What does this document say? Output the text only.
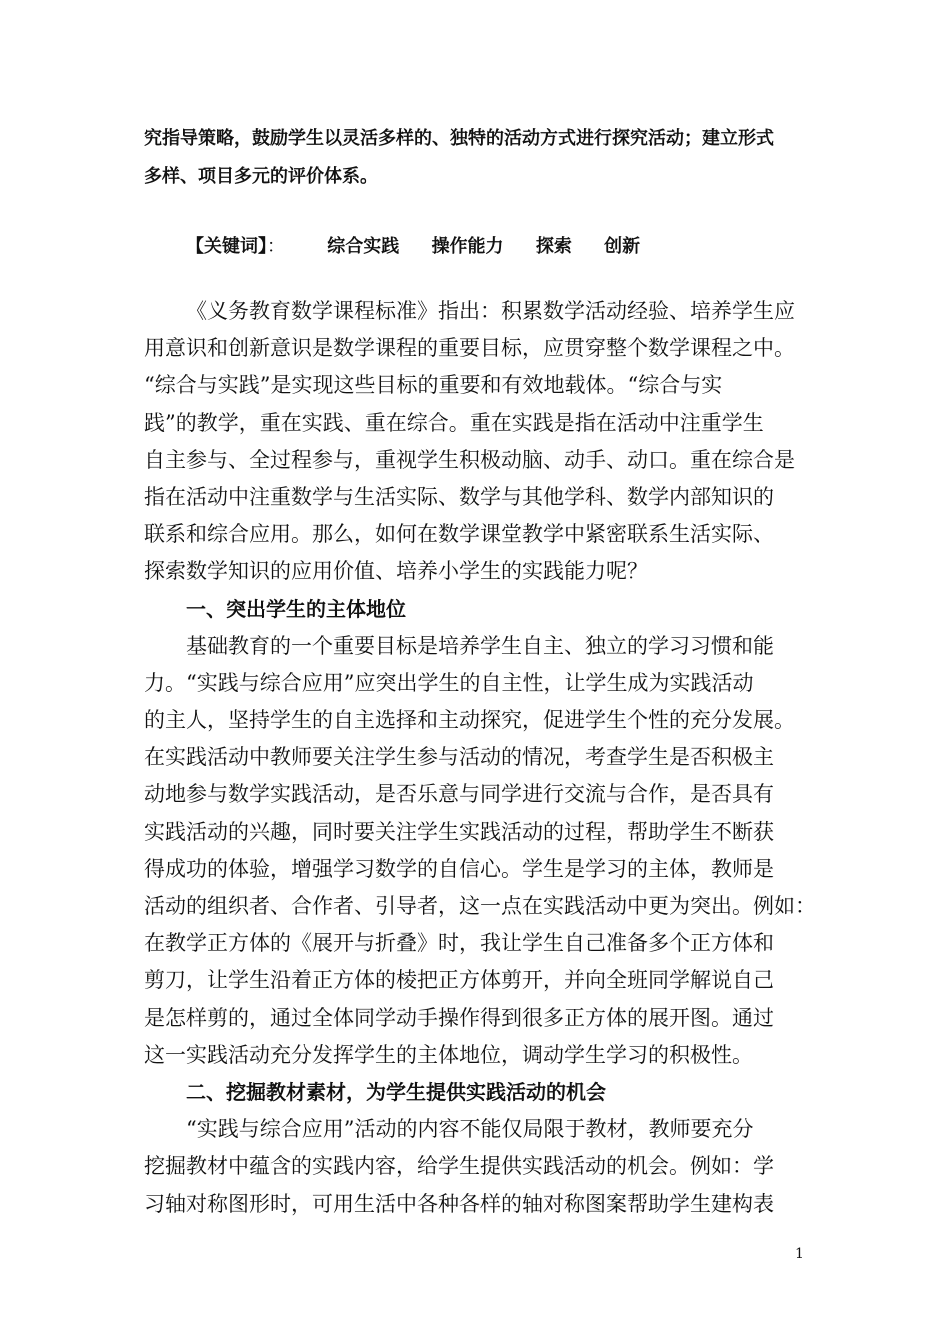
究指导策略，鼓励学生以灵活多样的、独特的活动方式进行探究活动；建立形式
多样、项目多元的评价体系。
【关键词】： 综合实践 操作能力 探索 创新
《义务教育数学课程标准》指出：积累数学活动经验、培养学生应
用意识和创新意识是数学课程的重要目标，应贯穿整个数学课程之中。
“综合与实践”是实现这些目标的重要和有效地载体。“综合与实
践”的教学，重在实践、重在综合。重在实践是指在活动中注重学生
自主参与、全过程参与，重视学生积极动脑、动手、动口。重在综合是
指在活动中注重数学与生活实际、数学与其他学科、数学内部知识的
联系和综合应用。那么，如何在数学课堂教学中紧密联系生活实际、
探索数学知识的应用价值、培养小学生的实践能力呢？
一、突出学生的主体地位
基础教育的一个重要目标是培养学生自主、独立的学习习惯和能
力。“实践与综合应用”应突出学生的自主性，让学生成为实践活动
的主人，坚持学生的自主选择和主动探究，促进学生个性的充分发展。
在实践活动中教师要关注学生参与活动的情况，考查学生是否积极主
动地参与数学实践活动，是否乐意与同学进行交流与合作，是否具有
实践活动的兴趣，同时要关注学生实践活动的过程，帮助学生不断获
得成功的体验，增强学习数学的自信心。学生是学习的主体，教师是
活动的组织者、合作者、引导者，这一点在实践活动中更为突出。例如：
在教学正方体的《展开与折叠》时，我让学生自己准备多个正方体和
剪刀，让学生沿着正方体的棱把正方体剪开，并向全班同学解说自己
是怎样剪的，通过全体同学动手操作得到很多正方体的展开图。通过
这一实践活动充分发挥学生的主体地位，调动学生学习的积极性。
二、挖掘教材素材，为学生提供实践活动的机会
“实践与综合应用”活动的内容不能仅局限于教材，教师要充分
挖掘教材中蕴含的实践内容，给学生提供实践活动的机会。例如：学
习轴对称图形时，可用生活中各种各样的轴对称图案帮助学生建构表
1
